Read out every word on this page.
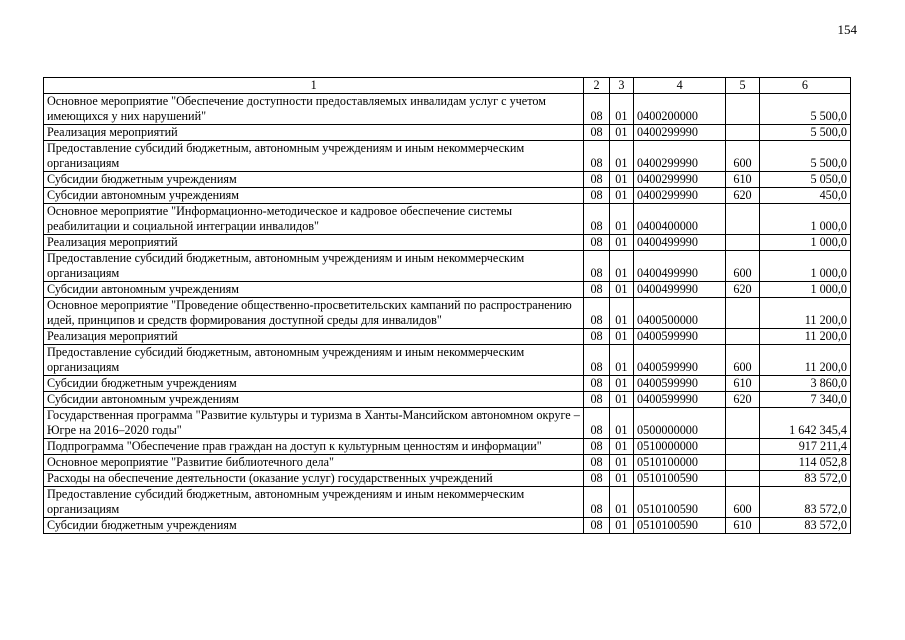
154
1	2	3	4	5	6
Основное мероприятие "Обеспечение доступности предоставляемых инвалидам услуг с учетом имеющихся у них нарушений"	08	01	0400200000		5 500,0
Реализация мероприятий	08	01	0400299990		5 500,0
Предоставление субсидий бюджетным, автономным учреждениям и иным некоммерческим организациям	08	01	0400299990	600	5 500,0
Субсидии бюджетным учреждениям	08	01	0400299990	610	5 050,0
Субсидии автономным учреждениям	08	01	0400299990	620	450,0
Основное мероприятие "Информационно-методическое и кадровое обеспечение системы реабилитации и социальной интеграции инвалидов"	08	01	0400400000		1 000,0
Реализация мероприятий	08	01	0400499990		1 000,0
Предоставление субсидий бюджетным, автономным учреждениям и иным некоммерческим организациям	08	01	0400499990	600	1 000,0
Субсидии автономным учреждениям	08	01	0400499990	620	1 000,0
Основное мероприятие "Проведение общественно-просветительских кампаний по распространению идей, принципов и средств формирования доступной среды для инвалидов"	08	01	0400500000		11 200,0
Реализация мероприятий	08	01	0400599990		11 200,0
Предоставление субсидий бюджетным, автономным учреждениям и иным некоммерческим организациям	08	01	0400599990	600	11 200,0
Субсидии бюджетным учреждениям	08	01	0400599990	610	3 860,0
Субсидии автономным учреждениям	08	01	0400599990	620	7 340,0
Государственная программа "Развитие культуры и туризма в Ханты-Мансийском автономном округе – Югре на 2016–2020 годы"	08	01	0500000000		1 642 345,4
Подпрограмма "Обеспечение прав граждан на доступ к культурным ценностям и информации"	08	01	0510000000		917 211,4
Основное мероприятие "Развитие библиотечного дела"	08	01	0510100000		114 052,8
Расходы на обеспечение деятельности (оказание услуг) государственных учреждений	08	01	0510100590		83 572,0
Предоставление субсидий бюджетным, автономным учреждениям и иным некоммерческим организациям	08	01	0510100590	600	83 572,0
Субсидии бюджетным учреждениям	08	01	0510100590	610	83 572,0
